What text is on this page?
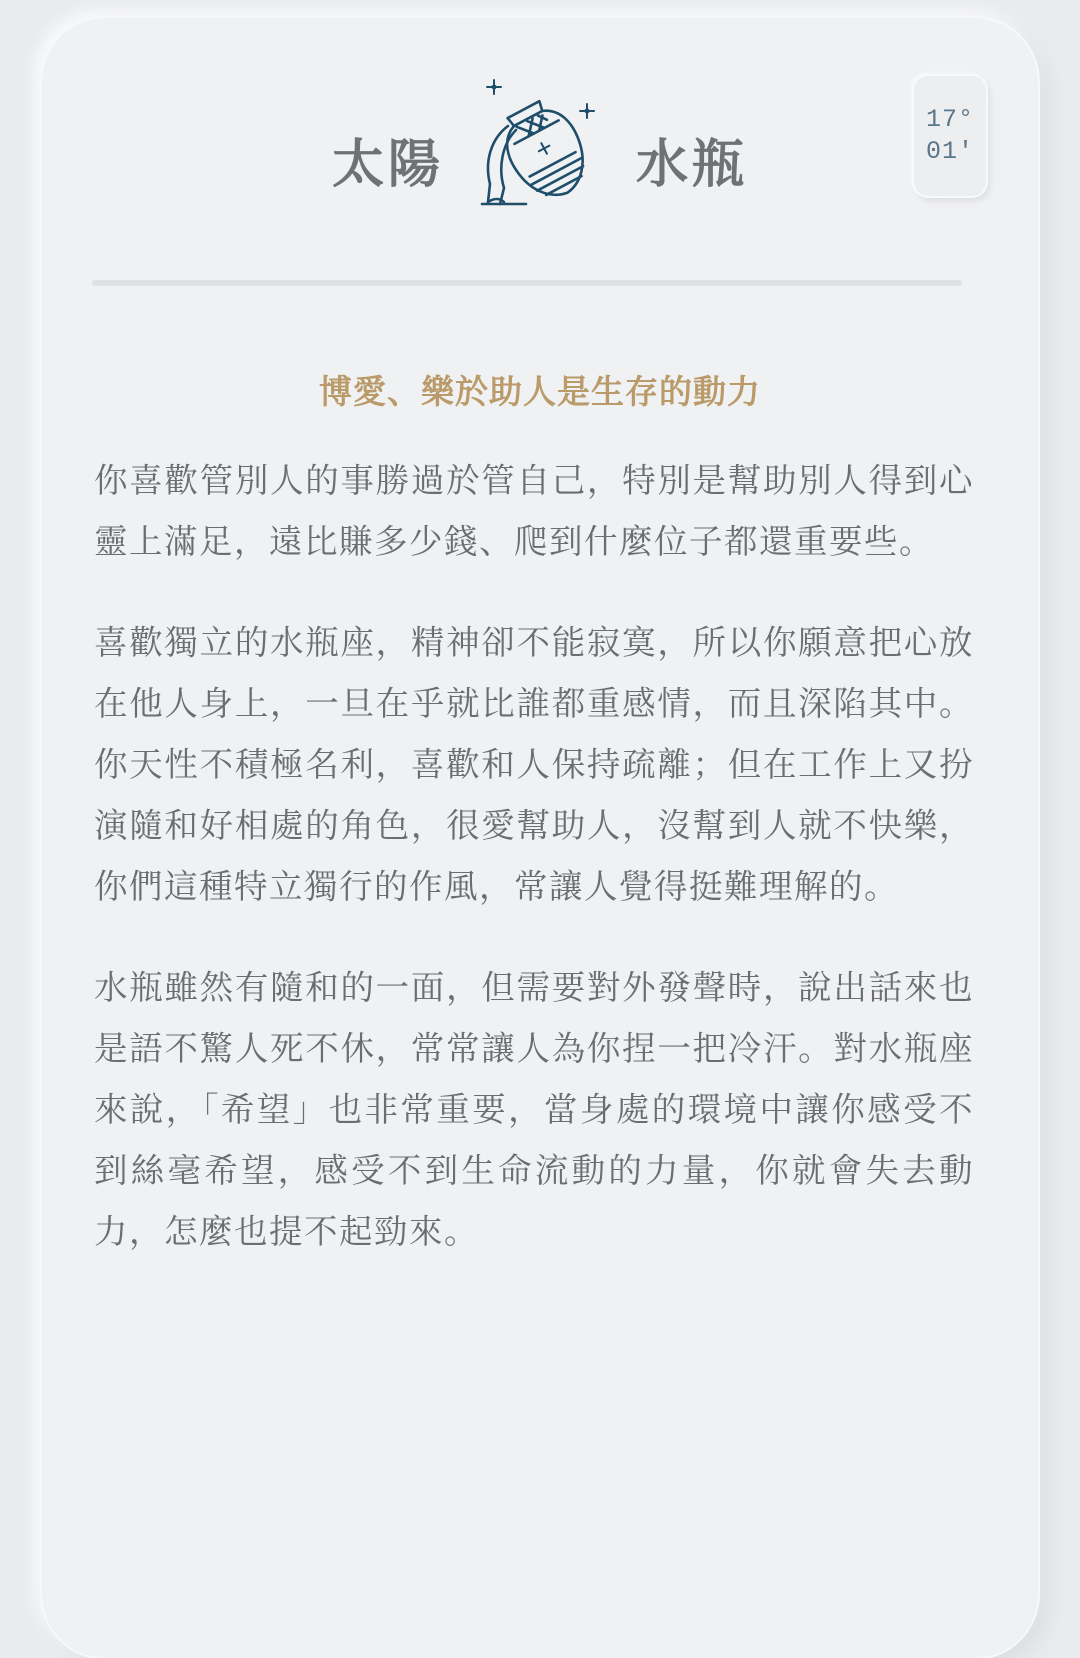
太陽	水瓶
17°
01'
博愛、樂於助人是生存的動力

你喜歡管別人的事勝過於管自己，特別是幫助別人得到心靈上滿足，遠比賺多少錢、爬到什麼位子都還重要些。

喜歡獨立的水瓶座，精神卻不能寂寞，所以你願意把心放在他人身上，一旦在乎就比誰都重感情，而且深陷其中。你天性不積極名利，喜歡和人保持疏離；但在工作上又扮演隨和好相處的角色，很愛幫助人，沒幫到人就不快樂，你們這種特立獨行的作風，常讓人覺得挺難理解的。

水瓶雖然有隨和的一面，但需要對外發聲時，說出話來也是語不驚人死不休，常常讓人為你捏一把冷汗。對水瓶座來說，「希望」也非常重要，當身處的環境中讓你感受不到絲毫希望，感受不到生命流動的力量，你就會失去動力，怎麼也提不起勁來。
